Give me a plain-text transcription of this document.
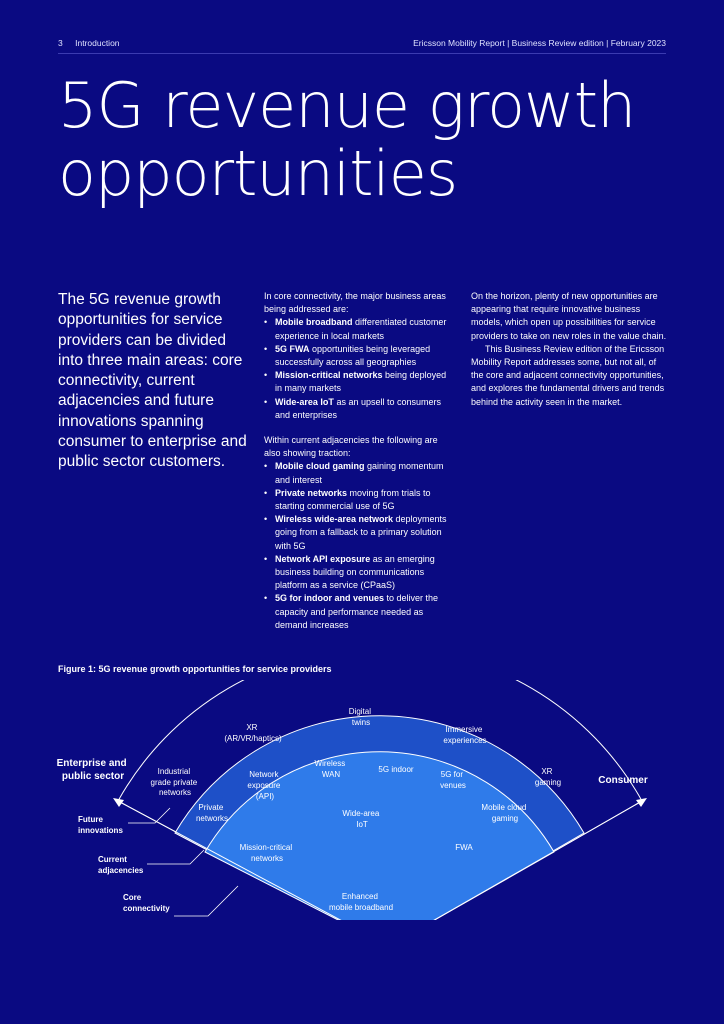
3 Introduction	Ericsson Mobility Report | Business Review edition | February 2023
5G revenue growth
opportunities
The 5G revenue growth opportunities for service providers can be divided into three main areas: core connectivity, current adjacencies and future innovations spanning consumer to enterprise and public sector customers.

In core connectivity, the major business areas being addressed are:

• Mobile broadband differentiated customer experience in local markets
• 5G FWA opportunities being leveraged successfully across all geographies
• Mission-critical networks being deployed in many markets
• Wide-area IoT as an upsell to consumers and enterprises

Within current adjacencies the following are also showing traction:

• Mobile cloud gaming gaining momentum and interest
• Private networks moving from trials to starting commercial use of 5G
• Wireless wide-area network deployments going from a fallback to a primary solution with 5G
• Network API exposure as an emerging business building on communications platform as a service (CPaaS)
• 5G for indoor and venues to deliver the capacity and performance needed as demand increases

On the horizon, plenty of new opportunities are appearing that require innovative business models, which open up possibilities for service providers to take on new roles in the value chain.

This Business Review edition of the Ericsson Mobility Report addresses some, but not all, of the core and adjacent connectivity opportunities, and explores the fundamental drivers and trends behind the activity seen in the market.

Figure 1: 5G revenue growth opportunities for service providers
Enterprise and public sector	Consumer
Future innovations
Current adjacencies
Core connectivity
Digital twins
XR (AR/VR/haptics)
Immersive experiences
Industrial grade private networks
XR gaming
Wireless WAN
5G indoor
Network exposure (API)
5G for venues
Private networks
Mobile cloud gaming
Wide-area IoT
Mission-critical networks
FWA
Enhanced mobile broadband
